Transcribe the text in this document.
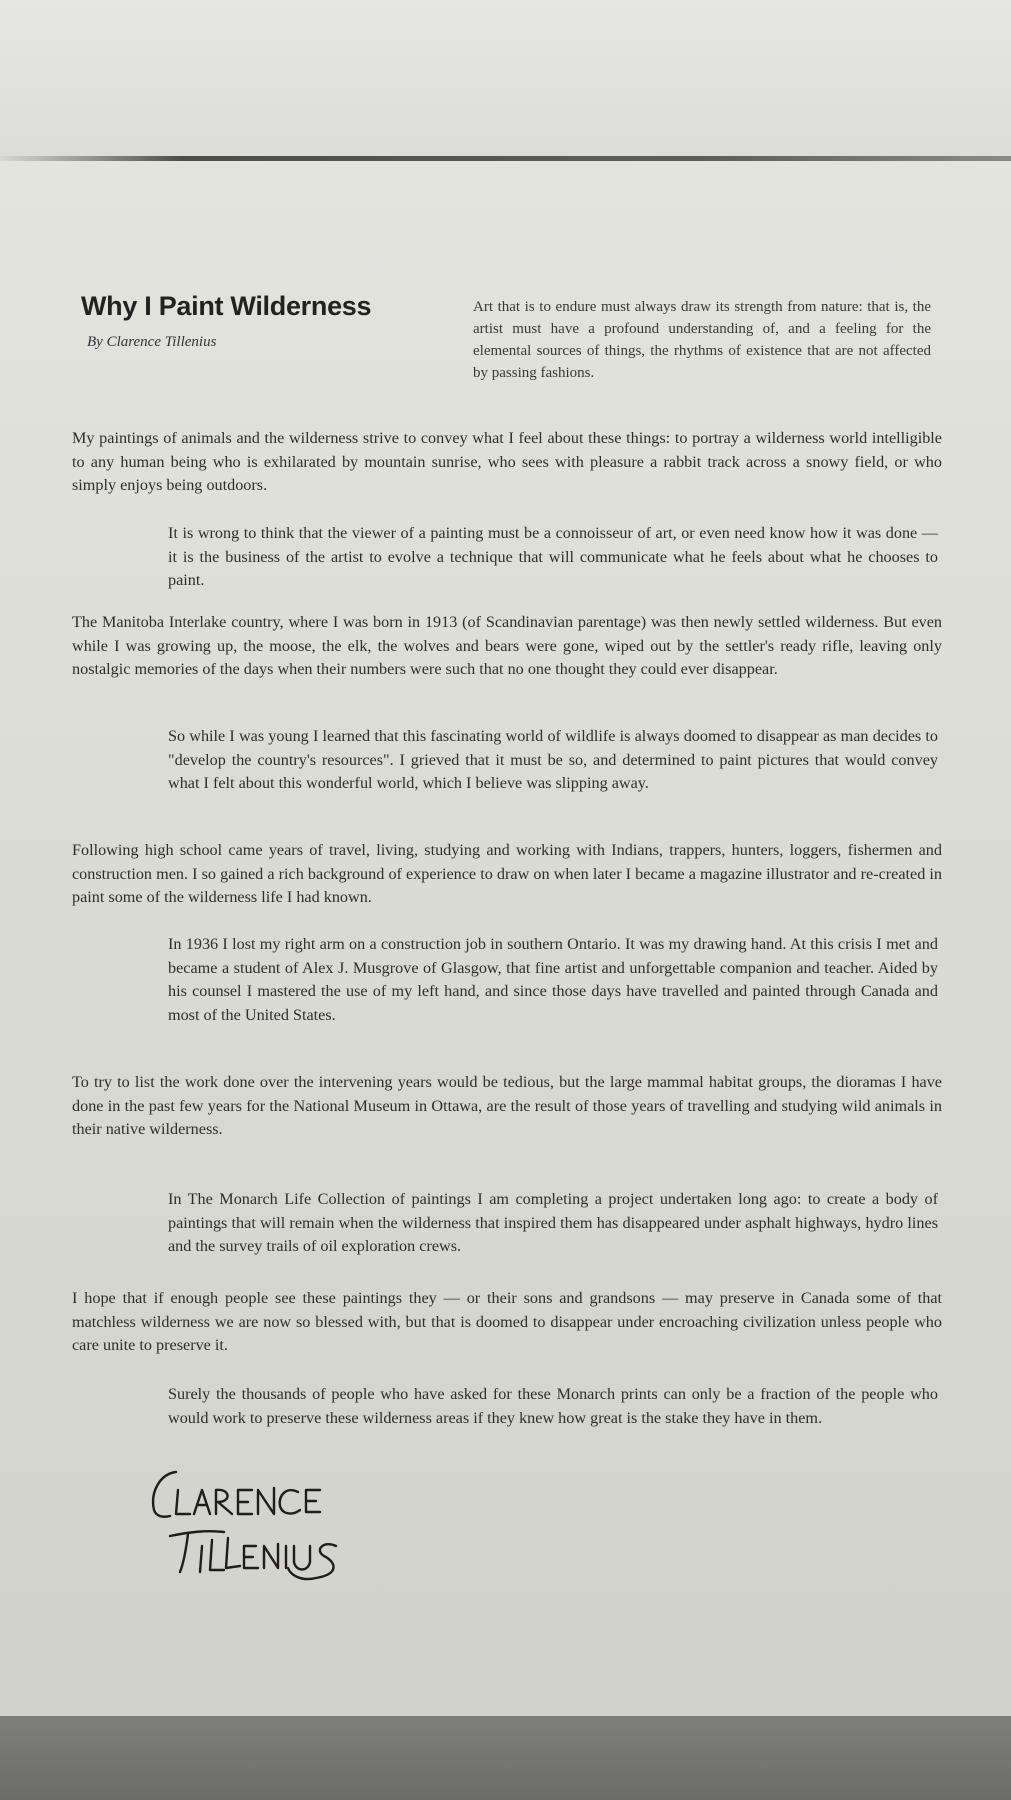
Why I Paint Wilderness
By Clarence Tillenius

Art that is to endure must always draw its strength from nature: that is, the artist must have a profound understanding of, and a feeling for the elemental sources of things, the rhythms of existence that are not affected by passing fashions.

My paintings of animals and the wilderness strive to convey what I feel about these things: to portray a wilderness world intelligible to any human being who is exhilarated by mountain sunrise, who sees with pleasure a rabbit track across a snowy field, or who simply enjoys being outdoors.

It is wrong to think that the viewer of a painting must be a connoisseur of art, or even need know how it was done — it is the business of the artist to evolve a technique that will communicate what he feels about what he chooses to paint.

The Manitoba Interlake country, where I was born in 1913 (of Scandinavian parentage) was then newly settled wilderness. But even while I was growing up, the moose, the elk, the wolves and bears were gone, wiped out by the settler's ready rifle, leaving only nostalgic memories of the days when their numbers were such that no one thought they could ever disappear.

So while I was young I learned that this fascinating world of wildlife is always doomed to disappear as man decides to "develop the country's resources". I grieved that it must be so, and determined to paint pictures that would convey what I felt about this wonderful world, which I believe was slipping away.

Following high school came years of travel, living, studying and working with Indians, trappers, hunters, loggers, fishermen and construction men. I so gained a rich background of experience to draw on when later I became a magazine illustrator and re-created in paint some of the wilderness life I had known.

In 1936 I lost my right arm on a construction job in southern Ontario. It was my drawing hand. At this crisis I met and became a student of Alex J. Musgrove of Glasgow, that fine artist and unforgettable companion and teacher. Aided by his counsel I mastered the use of my left hand, and since those days have travelled and painted through Canada and most of the United States.

To try to list the work done over the intervening years would be tedious, but the large mammal habitat groups, the dioramas I have done in the past few years for the National Museum in Ottawa, are the result of those years of travelling and studying wild animals in their native wilderness.

In The Monarch Life Collection of paintings I am completing a project undertaken long ago: to create a body of paintings that will remain when the wilderness that inspired them has disappeared under asphalt highways, hydro lines and the survey trails of oil exploration crews.

I hope that if enough people see these paintings they — or their sons and grandsons — may preserve in Canada some of that matchless wilderness we are now so blessed with, but that is doomed to disappear under encroaching civilization unless people who care unite to preserve it.

Surely the thousands of people who have asked for these Monarch prints can only be a fraction of the people who would work to preserve these wilderness areas if they knew how great is the stake they have in them.
